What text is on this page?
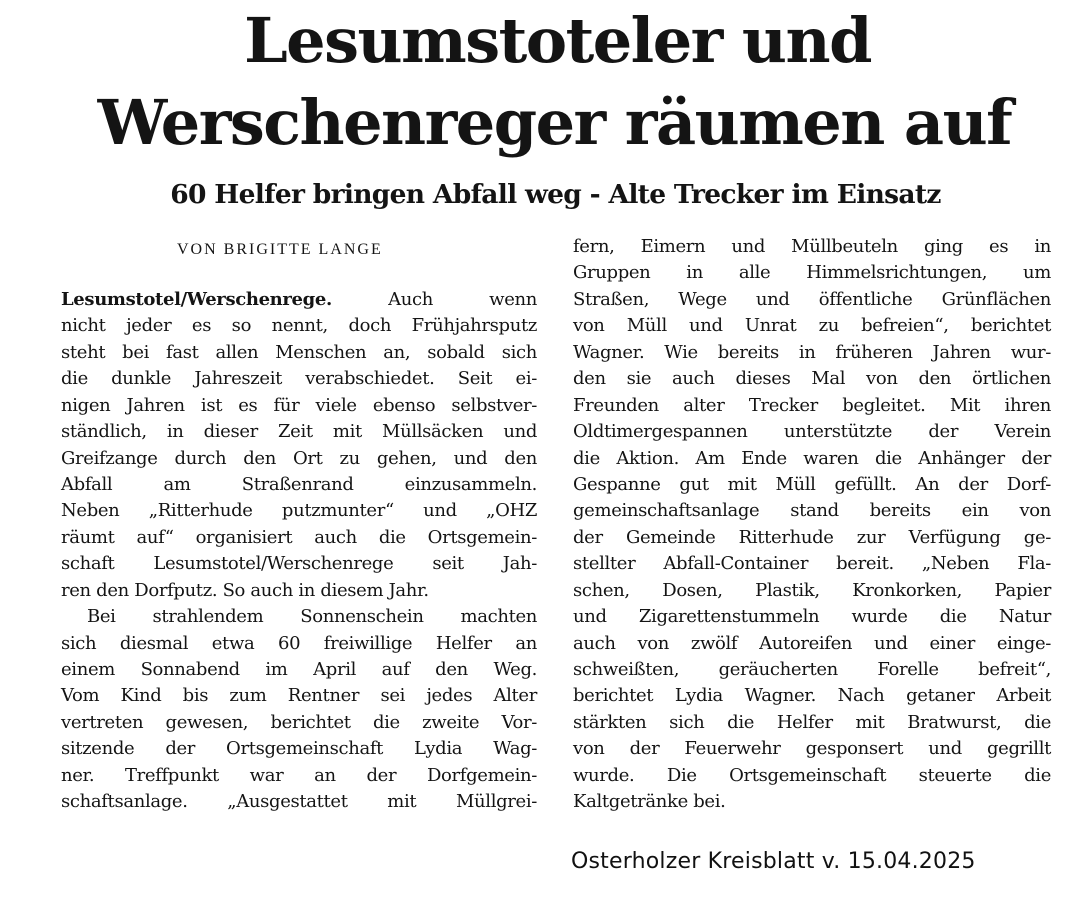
Lesumstoteler und
Werschenreger räumen auf
60 Helfer bringen Abfall weg - Alte Trecker im Einsatz

VON BRIGITTE LANGE

Lesumstotel/Werschenrege. Auch wenn
nicht jeder es so nennt, doch Frühjahrsputz
steht bei fast allen Menschen an, sobald sich
die dunkle Jahreszeit verabschiedet. Seit ei-
nigen Jahren ist es für viele ebenso selbstver-
ständlich, in dieser Zeit mit Müllsäcken und
Greifzange durch den Ort zu gehen, und den
Abfall am Straßenrand einzusammeln.
Neben „Ritterhude putzmunter“ und „OHZ
räumt auf“ organisiert auch die Ortsgemein-
schaft Lesumstotel/Werschenrege seit Jah-
ren den Dorfputz. So auch in diesem Jahr.
Bei strahlendem Sonnenschein machten
sich diesmal etwa 60 freiwillige Helfer an
einem Sonnabend im April auf den Weg.
Vom Kind bis zum Rentner sei jedes Alter
vertreten gewesen, berichtet die zweite Vor-
sitzende der Ortsgemeinschaft Lydia Wag-
ner. Treffpunkt war an der Dorfgemein-
schaftsanlage. „Ausgestattet mit Müllgrei-
fern, Eimern und Müllbeuteln ging es in
Gruppen in alle Himmelsrichtungen, um
Straßen, Wege und öffentliche Grünflächen
von Müll und Unrat zu befreien“, berichtet
Wagner. Wie bereits in früheren Jahren wur-
den sie auch dieses Mal von den örtlichen
Freunden alter Trecker begleitet. Mit ihren
Oldtimergespannen unterstützte der Verein
die Aktion. Am Ende waren die Anhänger der
Gespanne gut mit Müll gefüllt. An der Dorf-
gemeinschaftsanlage stand bereits ein von
der Gemeinde Ritterhude zur Verfügung ge-
stellter Abfall-Container bereit. „Neben Fla-
schen, Dosen, Plastik, Kronkorken, Papier
und Zigarettenstummeln wurde die Natur
auch von zwölf Autoreifen und einer einge-
schweißten, geräucherten Forelle befreit“,
berichtet Lydia Wagner. Nach getaner Arbeit
stärkten sich die Helfer mit Bratwurst, die
von der Feuerwehr gesponsert und gegrillt
wurde. Die Ortsgemeinschaft steuerte die
Kaltgetränke bei.

Osterholzer Kreisblatt v. 15.04.2025
